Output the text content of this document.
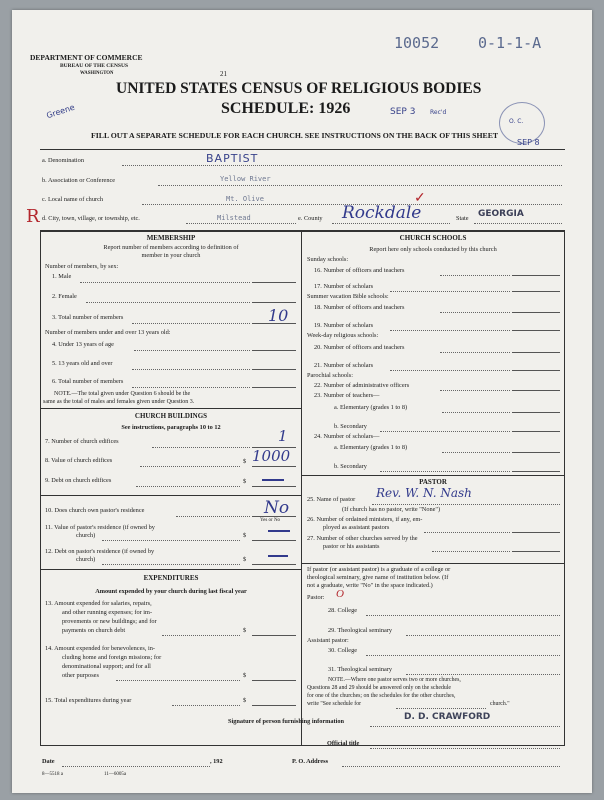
DEPARTMENT OF COMMERCE
BUREAU OF THE CENSUS
WASHINGTON
10052	0-1-1-A
21
Greene
UNITED STATES CENSUS OF RELIGIOUS BODIES
SCHEDULE: 1926	SEP 3 Rec'd
O. C.
SEP 8
FILL OUT A SEPARATE SCHEDULE FOR EACH CHURCH. SEE INSTRUCTIONS ON THE BACK OF THIS SHEET
a. Denomination	BAPTIST
b. Association or Conference	Yellow River
c. Local name of church	Mt. Olive
R d. City, town, village, or township, etc.	Milstead	e. County Rockdale
✓
State GEORGIA
MEMBERSHIP
Report number of members according to definition of
member in your church
Number of members, by sex:
1. Male
2. Female
3. Total number of members	10
Number of members under and over 13 years old:
4. Under 13 years of age
5. 13 years old and over
6. Total number of members
NOTE.—The total given under Question 6 should be the
same as the total of males and females given under Question 3.
CHURCH BUILDINGS
See instructions, paragraphs 10 to 12
7. Number of church edifices	1
8. Value of church edifices	$ 1000
9. Debt on church edifices	$
10. Does church own pastor's residence	No
Yes or No
11. Value of pastor's residence (if owned by
church)	$
12. Debt on pastor's residence (if owned by
church)	$
EXPENDITURES
Amount expended by your church during last fiscal year
13. Amount expended for salaries, repairs,
and other running expenses; for im-
provements or new buildings; and for
payments on church debt	$
14. Amount expended for benevolences, in-
cluding home and foreign missions; for
denominational support; and for all
other purposes	$
15. Total expenditures during year	$
CHURCH SCHOOLS
Report here only schools conducted by this church
Sunday schools:
16. Number of officers and teachers
17. Number of scholars
Summer vacation Bible schools:
18. Number of officers and teachers
19. Number of scholars
Week-day religious schools:
20. Number of officers and teachers
21. Number of scholars
Parochial schools:
22. Number of administrative officers
23. Number of teachers—
a. Elementary (grades 1 to 8)
b. Secondary
24. Number of scholars—
a. Elementary (grades 1 to 8)
b. Secondary
PASTOR
25. Name of pastor Rev. W. N. Nash
(If church has no pastor, write "None")
26. Number of ordained ministers, if any, em-
ployed as assistant pastors
27. Number of other churches served by the
pastor or his assistants
If pastor (or assistant pastor) is a graduate of a college or
theological seminary, give name of institution below. (If
not a graduate, write "No" in the space indicated.)
Pastor: O
28. College
29. Theological seminary
Assistant pastor:
30. College
31. Theological seminary
NOTE.—Where one pastor serves two or more churches,
Questions 28 and 29 should be answered only on the schedule
for one of the churches; on the schedules for the other churches,
write "See schedule for	church."
Signature of person furnishing information	D. D. CRAWFORD
Official title
Date	, 192	P. O. Address
8—5518 a	11—6005a
